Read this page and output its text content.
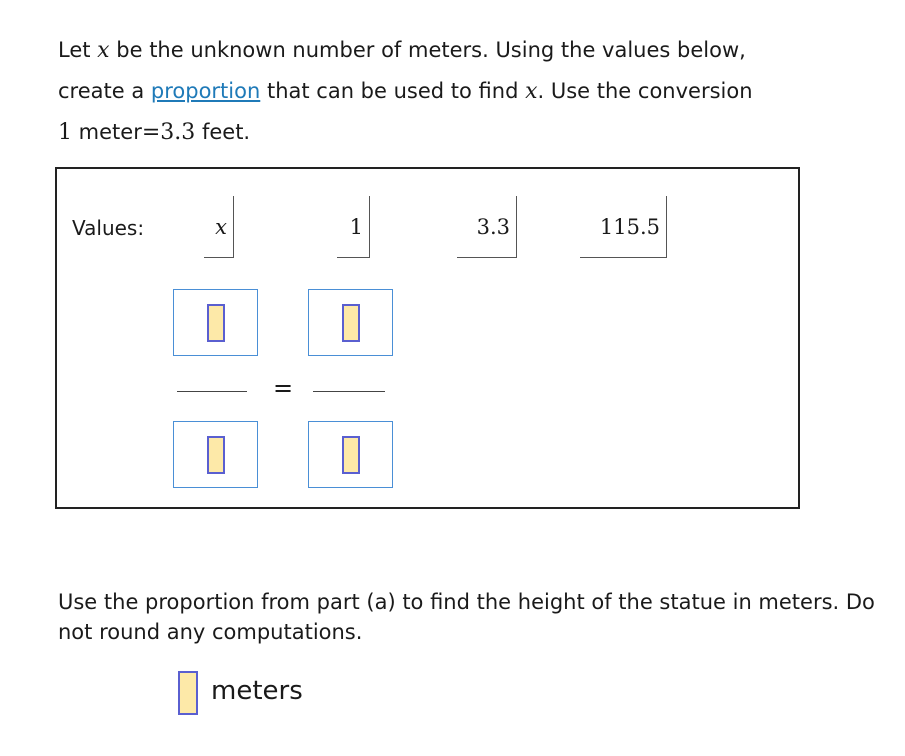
Let x be the unknown number of meters. Using the values below,
create a proportion that can be used to find x. Use the conversion
1 meter=3.3 feet.
Values:	x	1	3.3	115.5
=
Use the proportion from part (a) to find the height of the statue in meters. Do not round any computations.
meters
